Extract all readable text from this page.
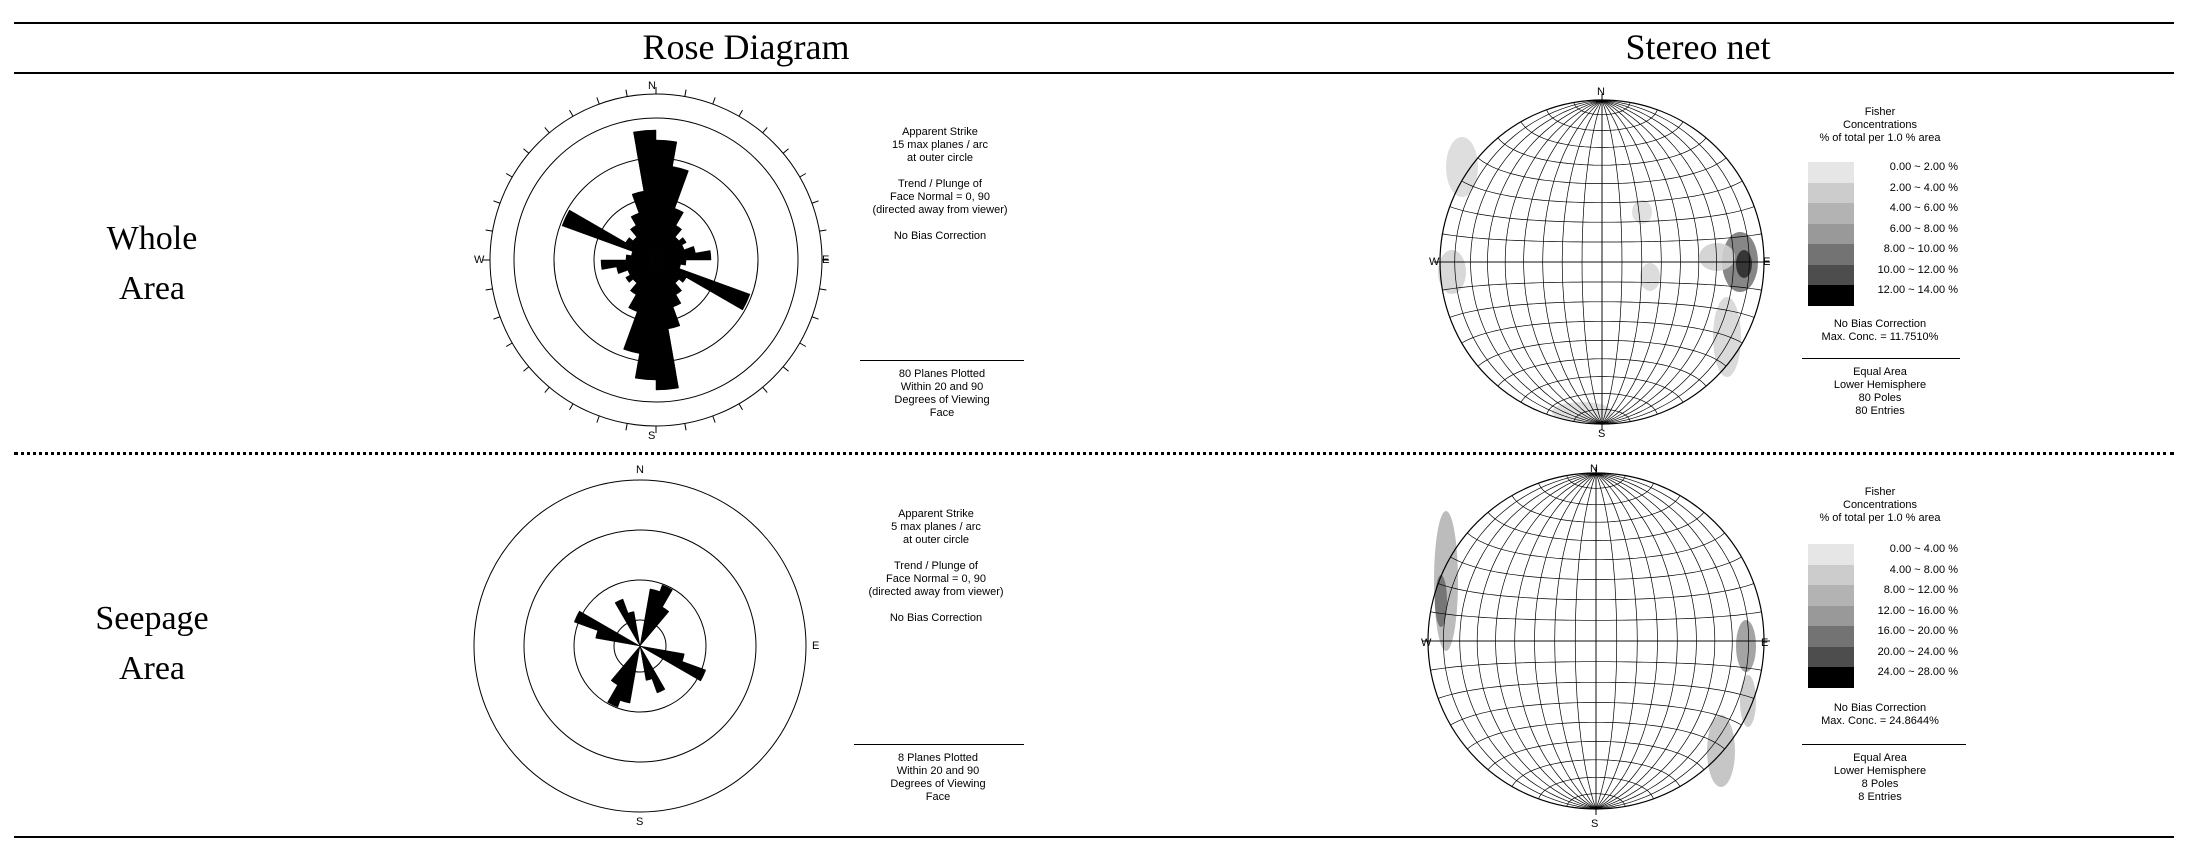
Rose Diagram	Stereo net
Whole
Area
Seepage
Area
N
S
E
W
N
S
E
N
S
E
W
N
S
E
W
Apparent Strike
15 max planes / arc
at outer circle
Trend / Plunge of
Face Normal = 0, 90
(directed away from viewer)
No Bias Correction
80 Planes Plotted
Within 20 and 90
Degrees of Viewing
Face
Apparent Strike
5 max planes / arc
at outer circle
Trend / Plunge of
Face Normal = 0, 90
(directed away from viewer)
No Bias Correction
8 Planes Plotted
Within 20 and 90
Degrees of Viewing
Face
Fisher
Concentrations
% of total per 1.0 % area
0.00 ~ 2.00 %
2.00 ~ 4.00 %
4.00 ~ 6.00 %
6.00 ~ 8.00 %
8.00 ~ 10.00 %
10.00 ~ 12.00 %
12.00 ~ 14.00 %
No Bias Correction
Max. Conc. = 11.7510%
Equal Area
Lower Hemisphere
80 Poles
80 Entries
Fisher
Concentrations
% of total per 1.0 % area
0.00 ~ 4.00 %
4.00 ~ 8.00 %
8.00 ~ 12.00 %
12.00 ~ 16.00 %
16.00 ~ 20.00 %
20.00 ~ 24.00 %
24.00 ~ 28.00 %
No Bias Correction
Max. Conc. = 24.8644%
Equal Area
Lower Hemisphere
8 Poles
8 Entries
